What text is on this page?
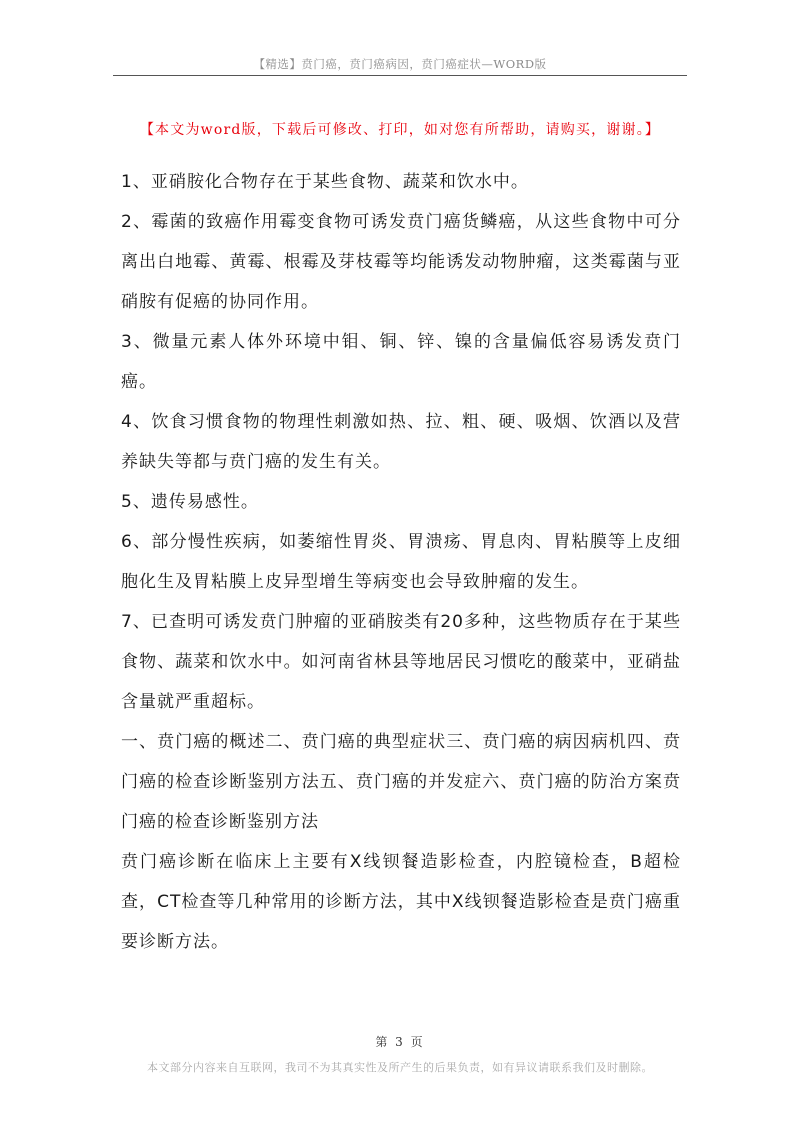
【精选】贲门癌，贲门癌病因，贲门癌症状—WORD版
【本文为word版，下载后可修改、打印，如对您有所帮助，请购买，谢谢。】

1、亚硝胺化合物存在于某些食物、蔬菜和饮水中。

2、霉菌的致癌作用霉变食物可诱发贲门癌货鳞癌，从这些食物中可分离出白地霉、黄霉、根霉及芽枝霉等均能诱发动物肿瘤，这类霉菌与亚硝胺有促癌的协同作用。

3、微量元素人体外环境中钼、铜、锌、镍的含量偏低容易诱发贲门癌。

4、饮食习惯食物的物理性刺激如热、拉、粗、硬、吸烟、饮酒以及营养缺失等都与贲门癌的发生有关。

5、遗传易感性。

6、部分慢性疾病，如萎缩性胃炎、胃溃疡、胃息肉、胃粘膜等上皮细胞化生及胃粘膜上皮异型增生等病变也会导致肿瘤的发生。

7、已查明可诱发贲门肿瘤的亚硝胺类有20多种，这些物质存在于某些食物、蔬菜和饮水中。如河南省林县等地居民习惯吃的酸菜中，亚硝盐含量就严重超标。

一、贲门癌的概述二、贲门癌的典型症状三、贲门癌的病因病机四、贲门癌的检查诊断鉴别方法五、贲门癌的并发症六、贲门癌的防治方案贲门癌的检查诊断鉴别方法

贲门癌诊断在临床上主要有X线钡餐造影检查，内腔镜检查，B超检查，CT检查等几种常用的诊断方法，其中X线钡餐造影检查是贲门癌重要诊断方法。

第 3 页
本文部分内容来自互联网，我司不为其真实性及所产生的后果负责，如有异议请联系我们及时删除。
